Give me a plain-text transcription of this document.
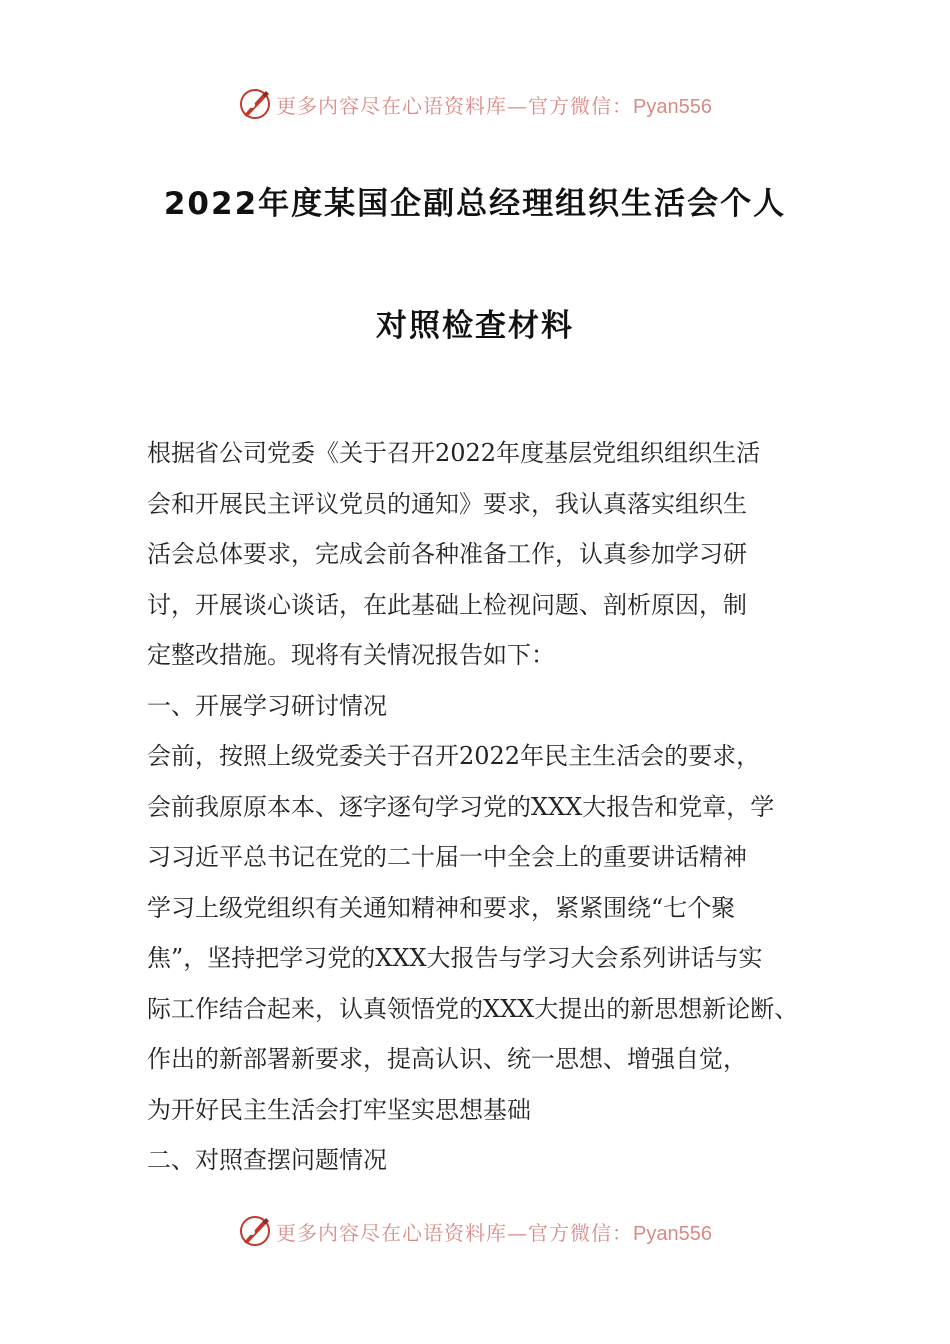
更多内容尽在心语资料库—官方微信：Pyan556
2022年度某国企副总经理组织生活会个人
对照检查材料
根据省公司党委《关于召开2022年度基层党组织组织生活
会和开展民主评议党员的通知》要求，我认真落实组织生
活会总体要求，完成会前各种准备工作，认真参加学习研
讨，开展谈心谈话，在此基础上检视问题、剖析原因，制
定整改措施。现将有关情况报告如下：
一、开展学习研讨情况
会前，按照上级党委关于召开2022年民主生活会的要求，
会前我原原本本、逐字逐句学习党的XXX大报告和党章，学
习习近平总书记在党的二十届一中全会上的重要讲话精神
学习上级党组织有关通知精神和要求，紧紧围绕“七个聚
焦”，坚持把学习党的XXX大报告与学习大会系列讲话与实
际工作结合起来，认真领悟党的XXX大提出的新思想新论断、
作出的新部署新要求，提高认识、统一思想、增强自觉，
为开好民主生活会打牢坚实思想基础
二、对照查摆问题情况
更多内容尽在心语资料库—官方微信：Pyan556
